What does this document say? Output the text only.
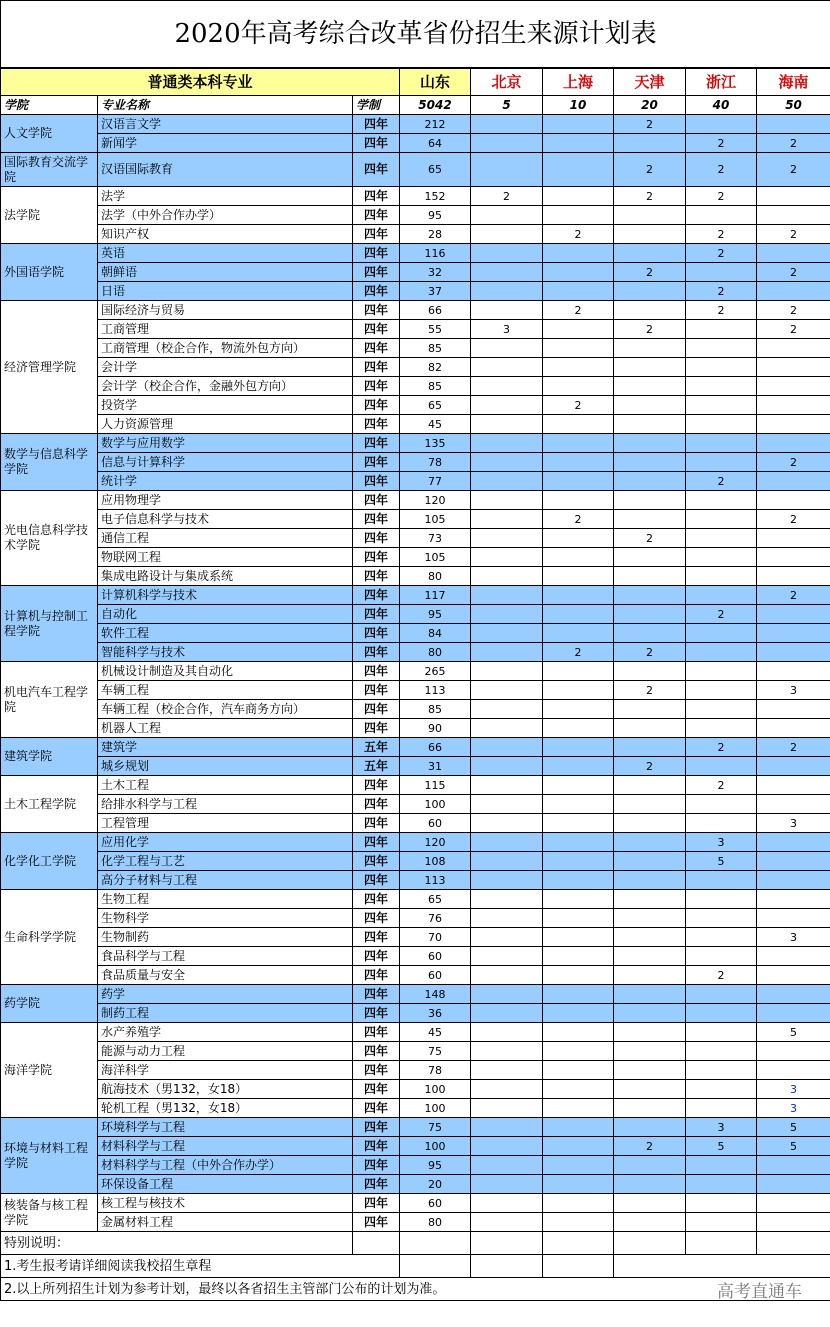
2020年高考综合改革省份招生来源计划表								
普通类本科专业			山东	北京	上海	天津	浙江	海南
学院	专业名称	学制	5042	5	10	20	40	50
人文学院	汉语言文学	四年	212			2		
	新闻学	四年	64				2	2
国际教育交流学院	汉语国际教育	四年	65			2	2	2
法学院	法学	四年	152	2		2	2	
	法学（中外合作办学）	四年	95					
	知识产权	四年	28		2		2	2
外国语学院	英语	四年	116				2	
	朝鲜语	四年	32			2		2
	日语	四年	37				2	
经济管理学院	国际经济与贸易	四年	66		2		2	2
	工商管理	四年	55	3		2		2
	工商管理（校企合作，物流外包方向）	四年	85					
	会计学	四年	82					
	会计学（校企合作，金融外包方向）	四年	85					
	投资学	四年	65		2			
	人力资源管理	四年	45					
数学与信息科学学院	数学与应用数学	四年	135					
	信息与计算科学	四年	78					2
	统计学	四年	77				2	
光电信息科学技术学院	应用物理学	四年	120					
	电子信息科学与技术	四年	105		2			2
	通信工程	四年	73			2		
	物联网工程	四年	105					
	集成电路设计与集成系统	四年	80					
计算机与控制工程学院	计算机科学与技术	四年	117					2
	自动化	四年	95				2	
	软件工程	四年	84					
	智能科学与技术	四年	80		2	2		
机电汽车工程学院	机械设计制造及其自动化	四年	265					
	车辆工程	四年	113			2		3
	车辆工程（校企合作，汽车商务方向）	四年	85					
	机器人工程	四年	90					
建筑学院	建筑学	五年	66				2	2
	城乡规划	五年	31			2		
土木工程学院	土木工程	四年	115				2	
	给排水科学与工程	四年	100					
	工程管理	四年	60					3
化学化工学院	应用化学	四年	120				3	
	化学工程与工艺	四年	108				5	
	高分子材料与工程	四年	113					
生命科学学院	生物工程	四年	65					
	生物科学	四年	76					
	生物制药	四年	70					3
	食品科学与工程	四年	60					
	食品质量与安全	四年	60				2	
药学院	药学	四年	148					
	制药工程	四年	36					
海洋学院	水产养殖学	四年	45					5
	能源与动力工程	四年	75					
	海洋科学	四年	78					
	航海技术（男132，女18）	四年	100					3
	轮机工程（男132，女18）	四年	100					3
环境与材料工程学院	环境科学与工程	四年	75				3	5
	材料科学与工程	四年	100			2	5	5
	材料科学与工程（中外合作办学）	四年	95					
	环保设备工程	四年	20					
核装备与核工程学院	核工程与核技术	四年	60					
	金属材料工程	四年	80					
特别说明：								
1.考生报考请详细阅读我校招生章程								
2.以上所列招生计划为参考计划，最终以各省招生主管部门公布的计划为准。									高考直通车
